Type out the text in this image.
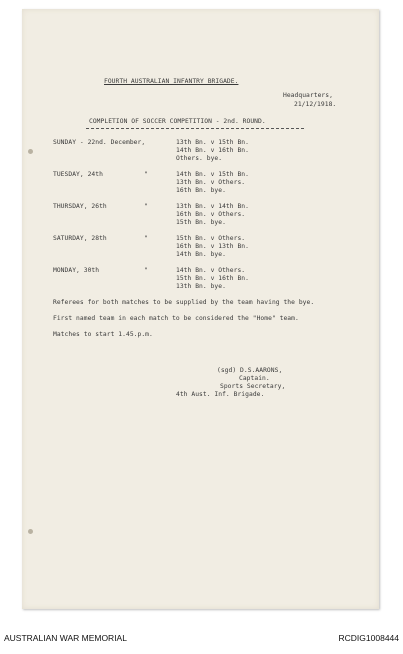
FOURTH AUSTRALIAN INFANTRY BRIGADE.
Headquarters,
21/12/1918.
COMPLETION OF SOCCER COMPETITION - 2nd. ROUND.
SUNDAY - 22nd. December,	13th Bn. v 15th Bn.
14th Bn. v 16th Bn.
Others. bye.
TUESDAY, 24th	"	14th Bn. v 15th Bn.
13th Bn. v Others.
16th Bn. bye.
THURSDAY, 26th	"	13th Bn. v 14th Bn.
16th Bn. v Others.
15th Bn. bye.
SATURDAY, 28th	"	15th Bn. v Others.
16th Bn. v 13th Bn.
14th Bn. bye.
MONDAY, 30th	"	14th Bn. v Others.
15th Bn. v 16th Bn.
13th Bn. bye.
Referees for both matches to be supplied by the team having the bye.
First named team in each match to be considered the "Home" team.
Matches to start 1.45.p.m.
(sgd) D.S.AARONS,
Captain.
Sports Secretary,
4th Aust. Inf. Brigade.
AUSTRALIAN WAR MEMORIAL	RCDIG1008444
